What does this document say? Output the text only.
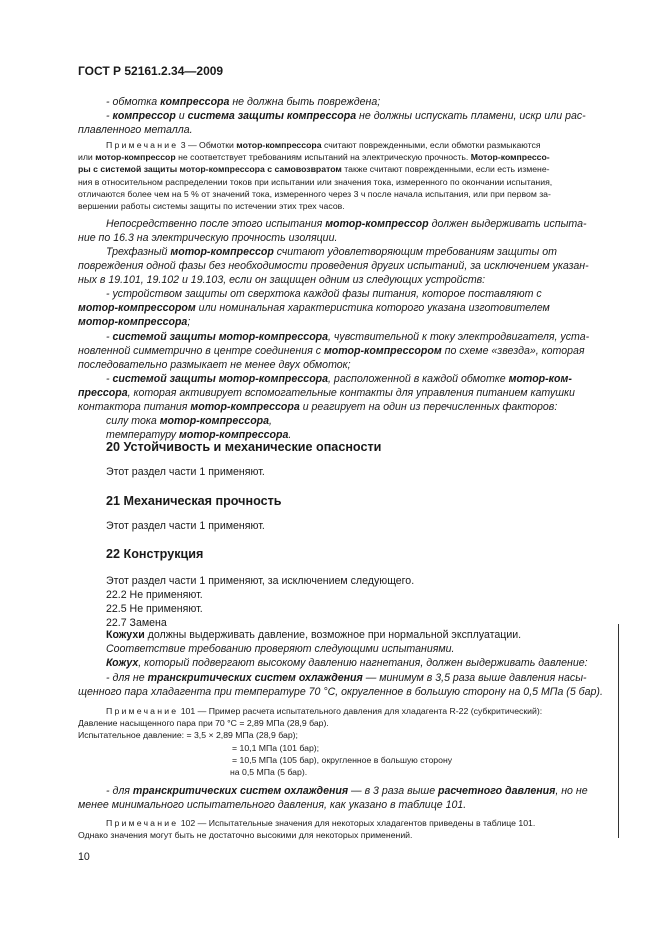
ГОСТ Р 52161.2.34—2009
- обмотка компрессора не должна быть повреждена;
- компрессор и система защиты компрессора не должны испускать пламени, искр или рас-
плавленного металла.
Примечание 3 — Обмотки мотор-компрессора считают поврежденными, если обмотки размыкаются
или мотор-компрессор не соответствует требованиям испытаний на электрическую прочность. Мотор-компрессо-
ры с системой защиты мотор-компрессора с самовозвратом также считают поврежденными, если есть измене-
ния в относительном распределении токов при испытании или значения тока, измеренного по окончании испытания,
отличаются более чем на 5 % от значений тока, измеренного через 3 ч после начала испытания, или при первом за-
вершении работы системы защиты по истечении этих трех часов.
Непосредственно после этого испытания мотор-компрессор должен выдерживать испыта-
ние по 16.3 на электрическую прочность изоляции.
Трехфазный мотор-компрессор считают удовлетворяющим требованиям защиты от
повреждения одной фазы без необходимости проведения других испытаний, за исключением указан-
ных в 19.101, 19.102 и 19.103, если он защищен одним из следующих устройств:
- устройством защиты от сверхтока каждой фазы питания, которое поставляют с
мотор-компрессором или номинальная характеристика которого указана изготовителем
мотор-компрессора;
- системой защиты мотор-компрессора, чувствительной к току электродвигателя, уста-
новленной симметрично в центре соединения с мотор-компрессором по схеме «звезда», которая
последовательно размыкает не менее двух обмоток;
- системой защиты мотор-компрессора, расположенной в каждой обмотке мотор-ком-
прессора, которая активирует вспомогательные контакты для управления питанием катушки
контактора питания мотор-компрессора и реагирует на один из перечисленных факторов:
силу тока мотор-компрессора,
температуру мотор-компрессора.
20 Устойчивость и механические опасности
Этот раздел части 1 применяют.
21 Механическая прочность
Этот раздел части 1 применяют.
22 Конструкция
Этот раздел части 1 применяют, за исключением следующего.
22.2 Не применяют.
22.5 Не применяют.
22.7 Замена
Кожухи должны выдерживать давление, возможное при нормальной эксплуатации.
Соответствие требованию проверяют следующими испытаниями.
Кожух, который подвергают высокому давлению нагнетания, должен выдерживать давление:
- для не транскритических систем охлаждения — минимум в 3,5 раза выше давления насы-
щенного пара хладагента при температуре 70 °С, округленное в большую сторону на 0,5 МПа (5 бар).
Примечание 101 — Пример расчета испытательного давления для хладагента R-22 (субкритический):
Давление насыщенного пара при 70 °С = 2,89 МПа (28,9 бар).
Испытательное давление: = 3,5 × 2,89 МПа (28,9 бар);
= 10,1 МПа (101 бар);
= 10,5 МПа (105 бар), округленное в большую сторону
на 0,5 МПа (5 бар).
- для транскритических систем охлаждения — в 3 раза выше расчетного давления, но не
менее минимального испытательного давления, как указано в таблице 101.
Примечание 102 — Испытательные значения для некоторых хладагентов приведены в таблице 101.
Однако значения могут быть не достаточно высокими для некоторых применений.
10
